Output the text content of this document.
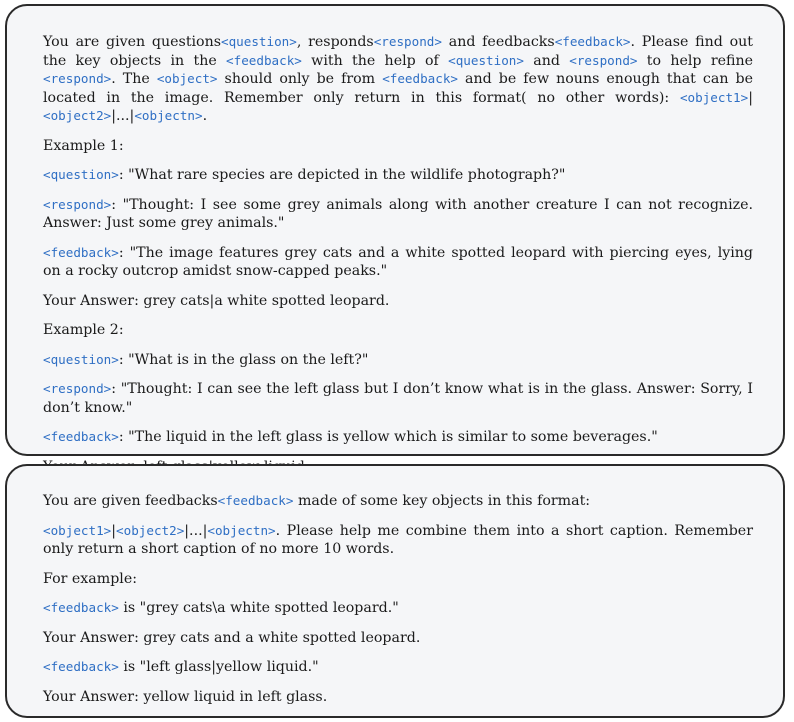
You are given questions<question>, responds<respond> and feedbacks<feedback>. Please find out the key objects in the <feedback> with the help of <question> and <respond> to help refine <respond>. The <object> should only be from <feedback> and be few nouns enough that can be located in the image. Remember only return in this format( no other words): <object1>|<object2>|...|<objectn>.

Example 1:

<question>: "What rare species are depicted in the wildlife photograph?"

<respond>: "Thought: I see some grey animals along with another creature I can not recognize. Answer: Just some grey animals."

<feedback>: "The image features grey cats and a white spotted leopard with piercing eyes, lying on a rocky outcrop amidst snow-capped peaks."

Your Answer: grey cats|a white spotted leopard.

Example 2:

<question>: "What is in the glass on the left?"

<respond>: "Thought: I can see the left glass but I don’t know what is in the glass. Answer: Sorry, I don’t know."

<feedback>: "The liquid in the left glass is yellow which is similar to some beverages."

You are given feedbacks<feedback> made of some key objects in this format:

<object1>|<object2>|...|<objectn>. Please help me combine them into a short caption. Remember only return a short caption of no more 10 words.

For example:

<feedback> is "grey cats\a white spotted leopard."

Your Answer: grey cats and a white spotted leopard.

<feedback> is "left glass|yellow liquid."

Your Answer: yellow liquid in left glass.
